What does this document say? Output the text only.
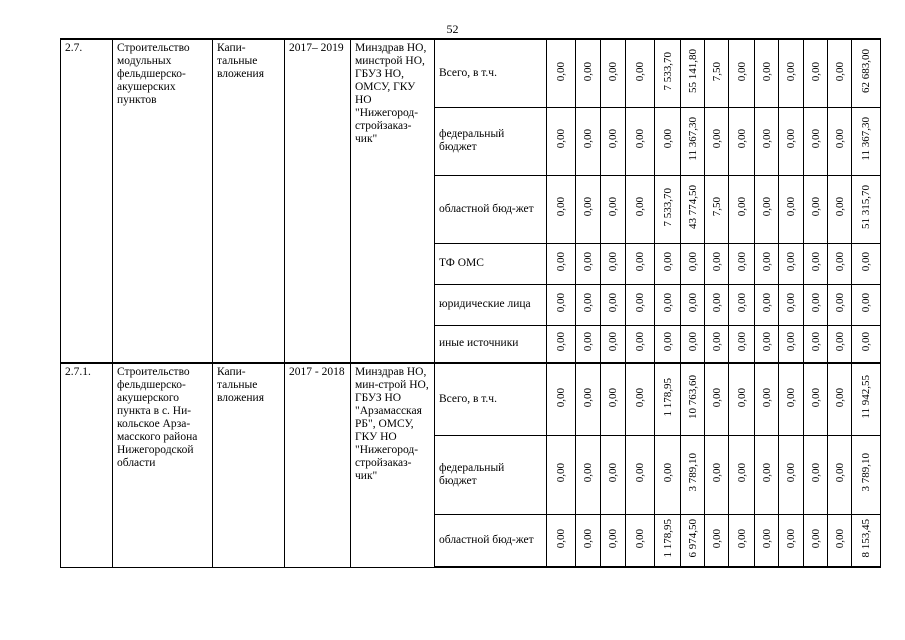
52
2.7.	Строительство модульных фельдшерско-акушерских пунктов	Капи-тальные вложения	2017– 2019	Минздрав НО, минстрой НО, ГБУЗ НО, ОМСУ, ГКУ НО "Нижегород-стройзаказ-чик"	Всего, в т.ч.	0,00	0,00	0,00	0,00	7 533,70	55 141,80	7,50	0,00	0,00	0,00	0,00	0,00	62 683,00
					федеральный бюджет	0,00	0,00	0,00	0,00	0,00	11 367,30	0,00	0,00	0,00	0,00	0,00	0,00	11 367,30
					областной бюд-жет	0,00	0,00	0,00	0,00	7 533,70	43 774,50	7,50	0,00	0,00	0,00	0,00	0,00	51 315,70
					ТФ ОМС	0,00	0,00	0,00	0,00	0,00	0,00	0,00	0,00	0,00	0,00	0,00	0,00	0,00
					юридические лица	0,00	0,00	0,00	0,00	0,00	0,00	0,00	0,00	0,00	0,00	0,00	0,00	0,00
					иные источники	0,00	0,00	0,00	0,00	0,00	0,00	0,00	0,00	0,00	0,00	0,00	0,00	0,00
2.7.1.	Строительство фельдшерско-акушерского пункта в с. Ни-кольское Арза-масского района Нижегородской области	Капи-тальные вложения	2017 - 2018	Минздрав НО, мин-строй НО, ГБУЗ НО "Арзамасская РБ", ОМСУ, ГКУ НО "Нижегород-стройзаказ-чик"	Всего, в т.ч.	0,00	0,00	0,00	0,00	1 178,95	10 763,60	0,00	0,00	0,00	0,00	0,00	0,00	11 942,55
					федеральный бюджет	0,00	0,00	0,00	0,00	0,00	3 789,10	0,00	0,00	0,00	0,00	0,00	0,00	3 789,10
					областной бюд-жет	0,00	0,00	0,00	0,00	1 178,95	6 974,50	0,00	0,00	0,00	0,00	0,00	0,00	8 153,45
